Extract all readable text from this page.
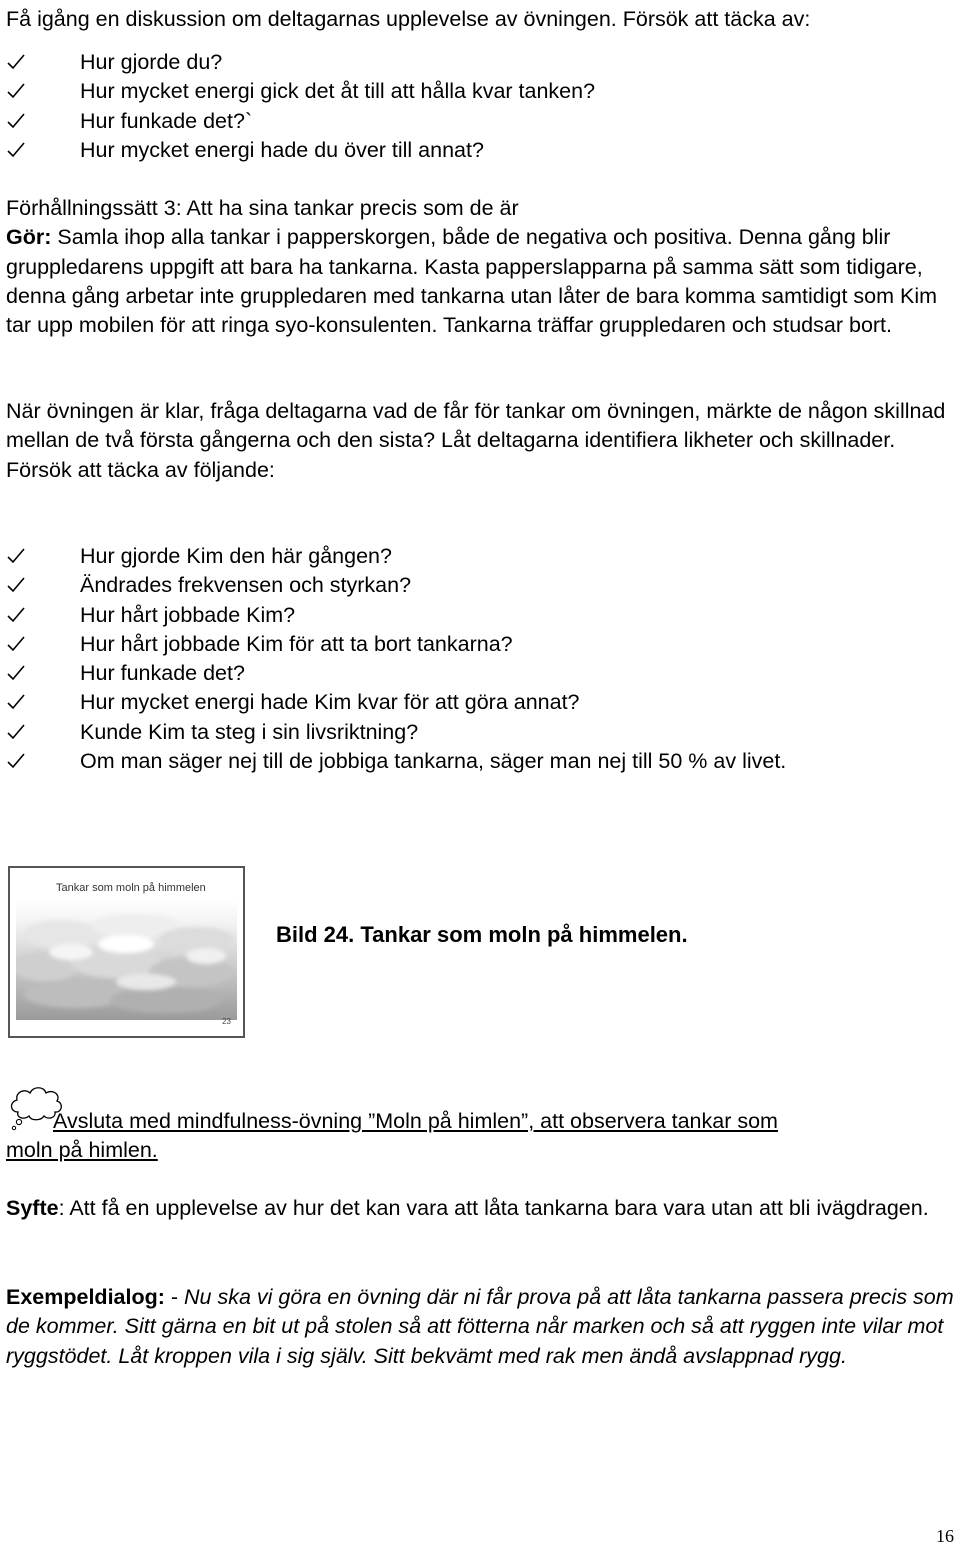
Få igång en diskussion om deltagarnas upplevelse av övningen. Försök att täcka av:

Hur gjorde du?
Hur mycket energi gick det åt till att hålla kvar tanken?
Hur funkade det?`
Hur mycket energi hade du över till annat?

Förhållningssätt 3: Att ha sina tankar precis som de är

Gör: Samla ihop alla tankar i papperskorgen, både de negativa och positiva. Denna gång blir gruppledarens uppgift att bara ha tankarna. Kasta papperslapparna på samma sätt som tidigare, denna gång arbetar inte gruppledaren med tankarna utan låter de bara komma samtidigt som Kim tar upp mobilen för att ringa syo-konsulenten. Tankarna träffar gruppledaren och studsar bort.

När övningen är klar, fråga deltagarna vad de får för tankar om övningen, märkte de någon skillnad mellan de två första gångerna och den sista? Låt deltagarna identifiera likheter och skillnader.

Försök att täcka av följande:

Hur gjorde Kim den här gången?
Ändrades frekvensen och styrkan?
Hur hårt jobbade Kim?
Hur hårt jobbade Kim för att ta bort tankarna?
Hur funkade det?
Hur mycket energi hade Kim kvar för att göra annat?
Kunde Kim ta steg i sin livsriktning?
Om man säger nej till de jobbiga tankarna, säger man nej till 50 % av livet.
Tankar som moln på himmelen
23
Bild 24. Tankar som moln på himmelen.

Avsluta med mindfulness-övning ”Moln på himlen”, att observera tankar som

moln på himlen.

Syfte: Att få en upplevelse av hur det kan vara att låta tankarna bara vara utan att bli ivägdragen.

Exempeldialog: - Nu ska vi göra en övning där ni får prova på att låta tankarna passera precis som de kommer. Sitt gärna en bit ut på stolen så att fötterna når marken och så att ryggen inte vilar mot ryggstödet. Låt kroppen vila i sig själv. Sitt bekvämt med rak men ändå avslappnad rygg.

16
